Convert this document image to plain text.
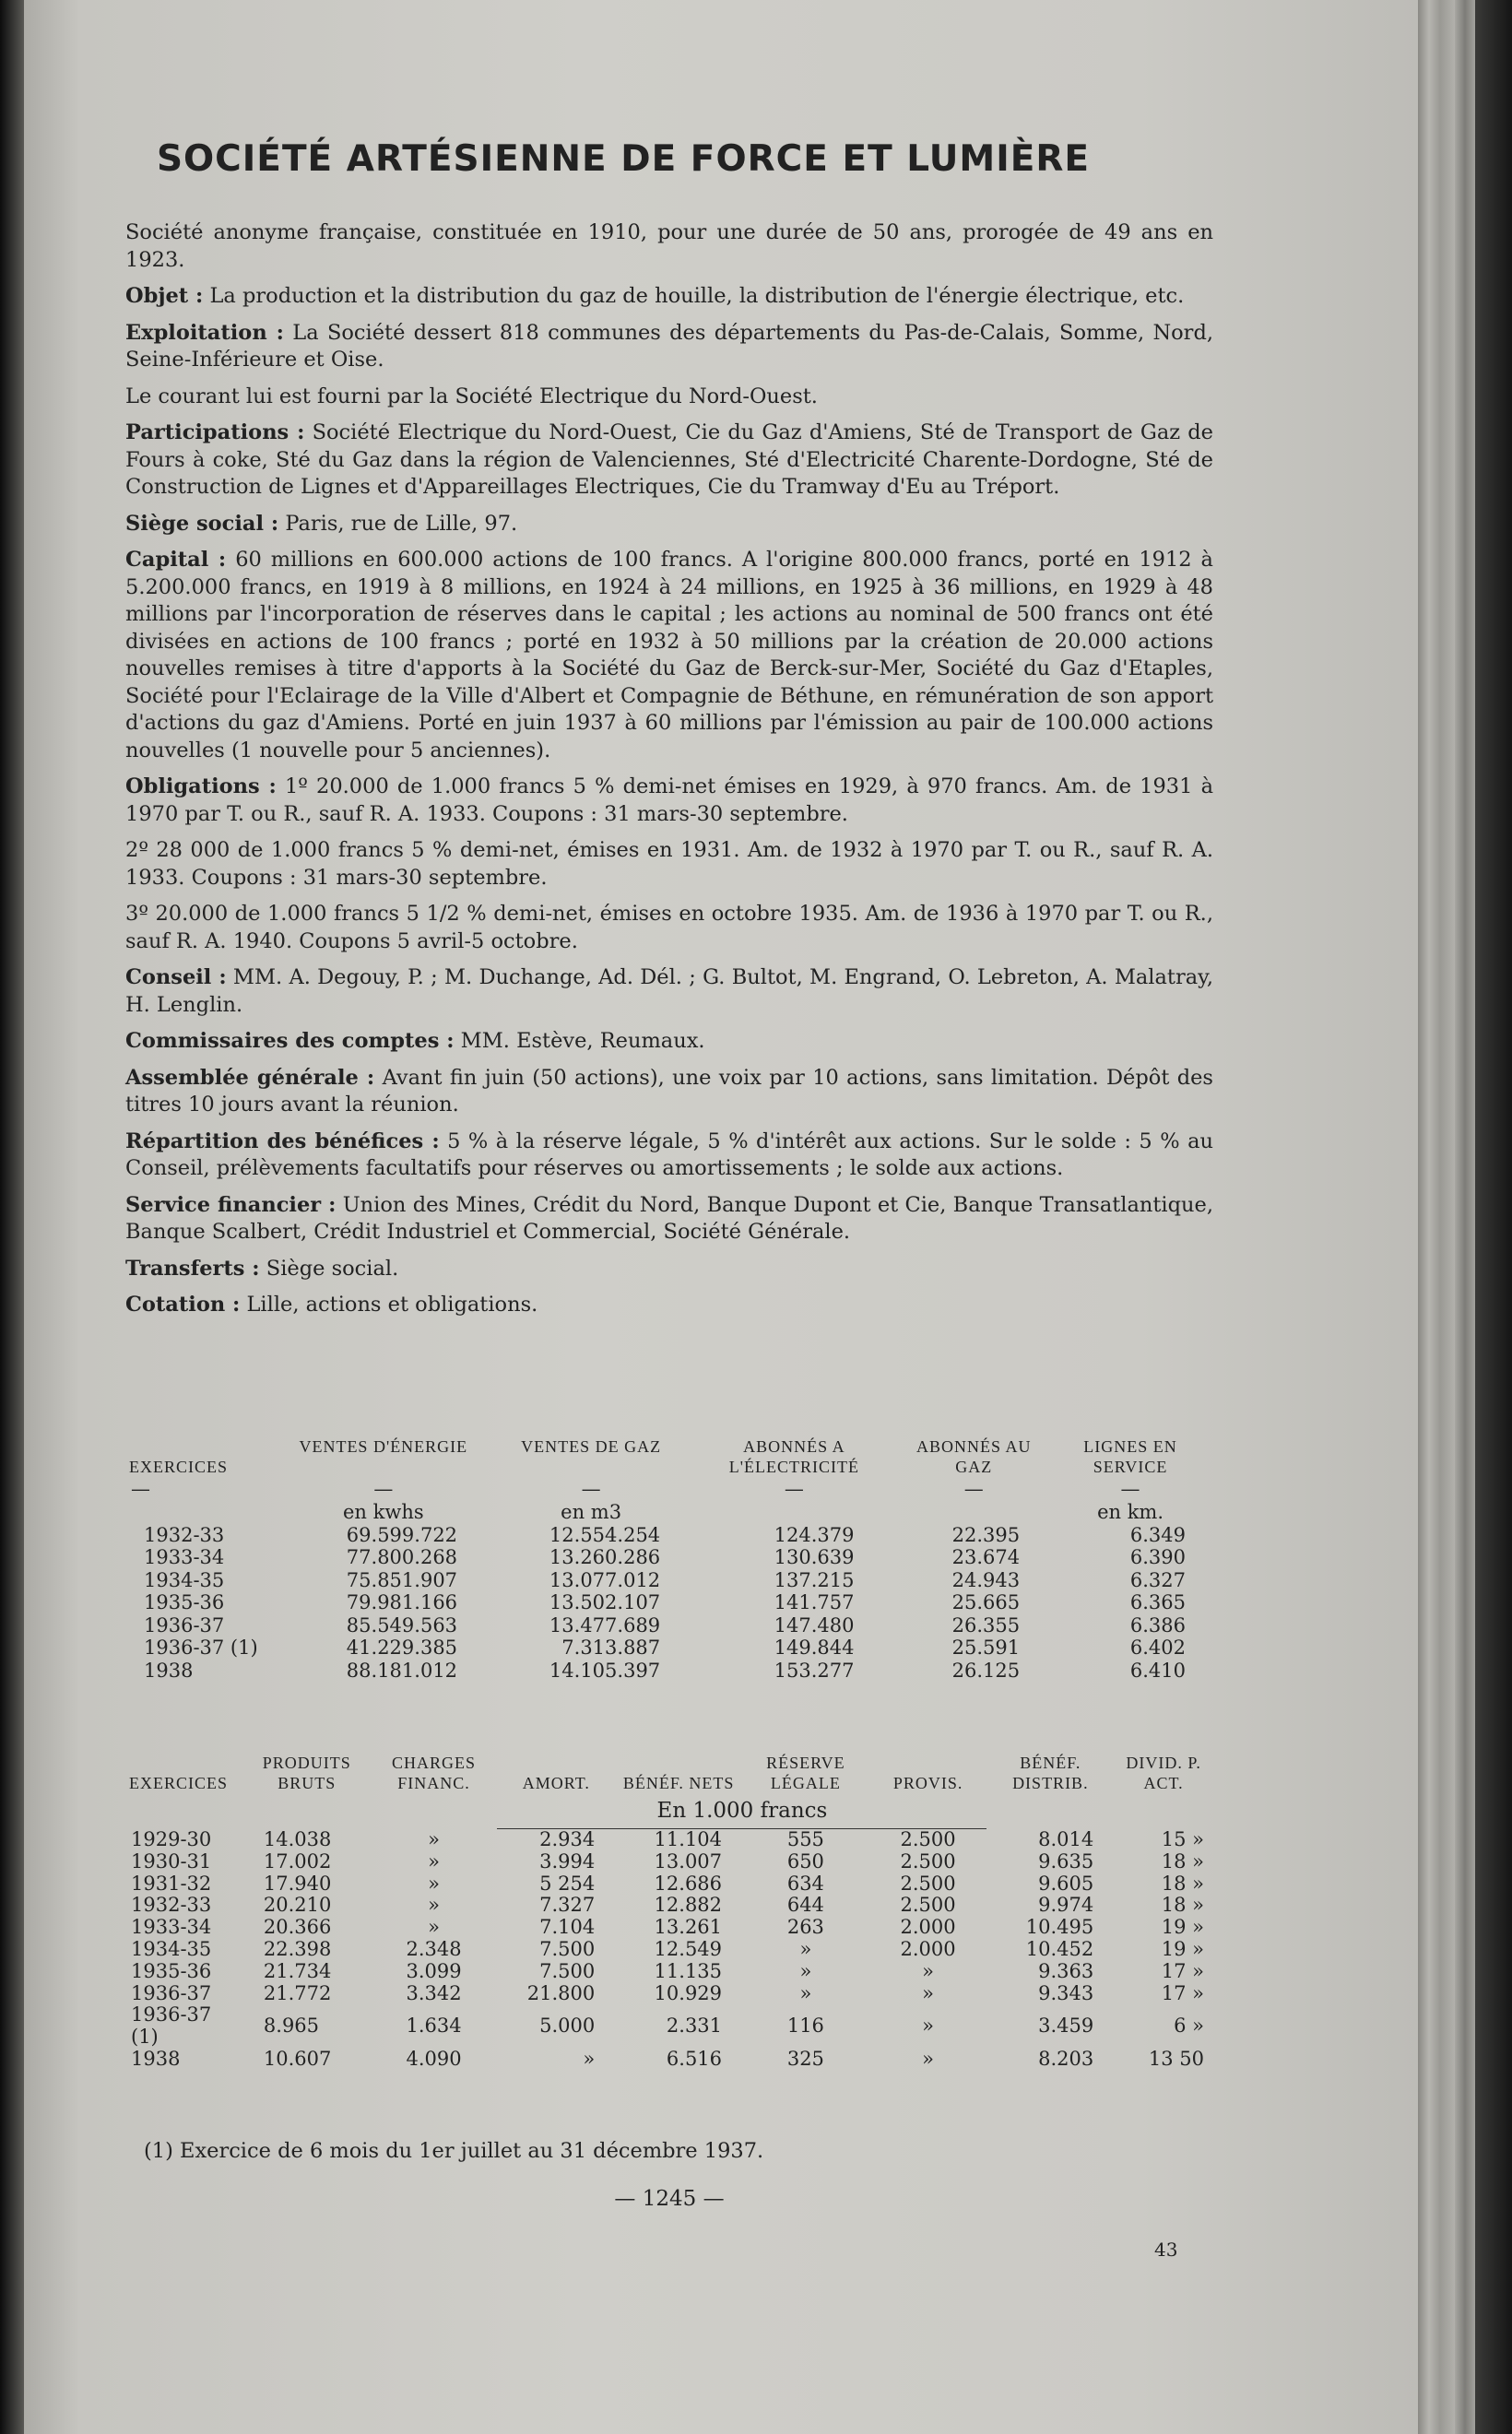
SOCIÉTÉ ARTÉSIENNE DE FORCE ET LUMIÈRE

Société anonyme française, constituée en 1910, pour une durée de 50 ans, prorogée de 49 ans en 1923.

Objet : La production et la distribution du gaz de houille, la distribution de l'énergie électrique, etc.

Exploitation : La Société dessert 818 communes des départements du Pas-de-Calais, Somme, Nord, Seine-Inférieure et Oise.

Le courant lui est fourni par la Société Electrique du Nord-Ouest.

Participations : Société Electrique du Nord-Ouest, Cie du Gaz d'Amiens, Sté de Transport de Gaz de Fours à coke, Sté du Gaz dans la région de Valenciennes, Sté d'Electricité Charente-Dordogne, Sté de Construction de Lignes et d'Appareillages Electriques, Cie du Tramway d'Eu au Tréport.

Siège social : Paris, rue de Lille, 97.

Capital : 60 millions en 600.000 actions de 100 francs. A l'origine 800.000 francs, porté en 1912 à 5.200.000 francs, en 1919 à 8 millions, en 1924 à 24 millions, en 1925 à 36 millions, en 1929 à 48 millions par l'incorporation de réserves dans le capital ; les actions au nominal de 500 francs ont été divisées en actions de 100 francs ; porté en 1932 à 50 millions par la création de 20.000 actions nouvelles remises à titre d'apports à la Société du Gaz de Berck-sur-Mer, Société du Gaz d'Etaples, Société pour l'Eclairage de la Ville d'Albert et Compagnie de Béthune, en rémunération de son apport d'actions du gaz d'Amiens. Porté en juin 1937 à 60 millions par l'émission au pair de 100.000 actions nouvelles (1 nouvelle pour 5 anciennes).

Obligations : 1º 20.000 de 1.000 francs 5 % demi-net émises en 1929, à 970 francs. Am. de 1931 à 1970 par T. ou R., sauf R. A. 1933. Coupons : 31 mars-30 septembre.

2º 28 000 de 1.000 francs 5 % demi-net, émises en 1931. Am. de 1932 à 1970 par T. ou R., sauf R. A. 1933. Coupons : 31 mars-30 septembre.

3º 20.000 de 1.000 francs 5 1/2 % demi-net, émises en octobre 1935. Am. de 1936 à 1970 par T. ou R., sauf R. A. 1940. Coupons 5 avril-5 octobre.

Conseil : MM. A. Degouy, P. ; M. Duchange, Ad. Dél. ; G. Bultot, M. Engrand, O. Lebreton, A. Malatray, H. Lenglin.

Commissaires des comptes : MM. Estève, Reumaux.

Assemblée générale : Avant fin juin (50 actions), une voix par 10 actions, sans limitation. Dépôt des titres 10 jours avant la réunion.

Répartition des bénéfices : 5 % à la réserve légale, 5 % d'intérêt aux actions. Sur le solde : 5 % au Conseil, prélèvements facultatifs pour réserves ou amortissements ; le solde aux actions.

Service financier : Union des Mines, Crédit du Nord, Banque Dupont et Cie, Banque Transatlantique, Banque Scalbert, Crédit Industriel et Commercial, Société Générale.

Transferts : Siège social.

Cotation : Lille, actions et obligations.

EXERCICES	VENTES D'ÉNERGIE	VENTES DE GAZ	ABONNÉS A L'ÉLECTRICITÉ	ABONNÉS AU GAZ	LIGNES EN SERVICE
—	—	—	—	—	—
	en kwhs	en m3			en km.
1932-33	69.599.722	12.554.254	124.379	22.395	6.349
1933-34	77.800.268	13.260.286	130.639	23.674	6.390
1934-35	75.851.907	13.077.012	137.215	24.943	6.327
1935-36	79.981.166	13.502.107	141.757	25.665	6.365
1936-37	85.549.563	13.477.689	147.480	26.355	6.386
1936-37 (1)	41.229.385	7.313.887	149.844	25.591	6.402
1938	88.181.012	14.105.397	153.277	26.125	6.410
EXERCICES	PRODUITS BRUTS	CHARGES FINANC.	AMORT.	BÉNÉF. NETS	RÉSERVE LÉGALE	PROVIS.	BÉNÉF. DISTRIB.	DIVID. P. ACT.
			En 1.000 francs					
1929-30	14.038	»	2.934	11.104	555	2.500	8.014	15 »
1930-31	17.002	»	3.994	13.007	650	2.500	9.635	18 »
1931-32	17.940	»	5 254	12.686	634	2.500	9.605	18 »
1932-33	20.210	»	7.327	12.882	644	2.500	9.974	18 »
1933-34	20.366	»	7.104	13.261	263	2.000	10.495	19 »
1934-35	22.398	2.348	7.500	12.549	»	2.000	10.452	19 »
1935-36	21.734	3.099	7.500	11.135	»	»	9.363	17 »
1936-37	21.772	3.342	21.800	10.929	»	»	9.343	17 »
1936-37 (1)	8.965	1.634	5.000	2.331	116	»	3.459	6 »
1938	10.607	4.090	»	6.516	325	»	8.203	13 50
(1) Exercice de 6 mois du 1er juillet au 31 décembre 1937.
— 1245 —
43
